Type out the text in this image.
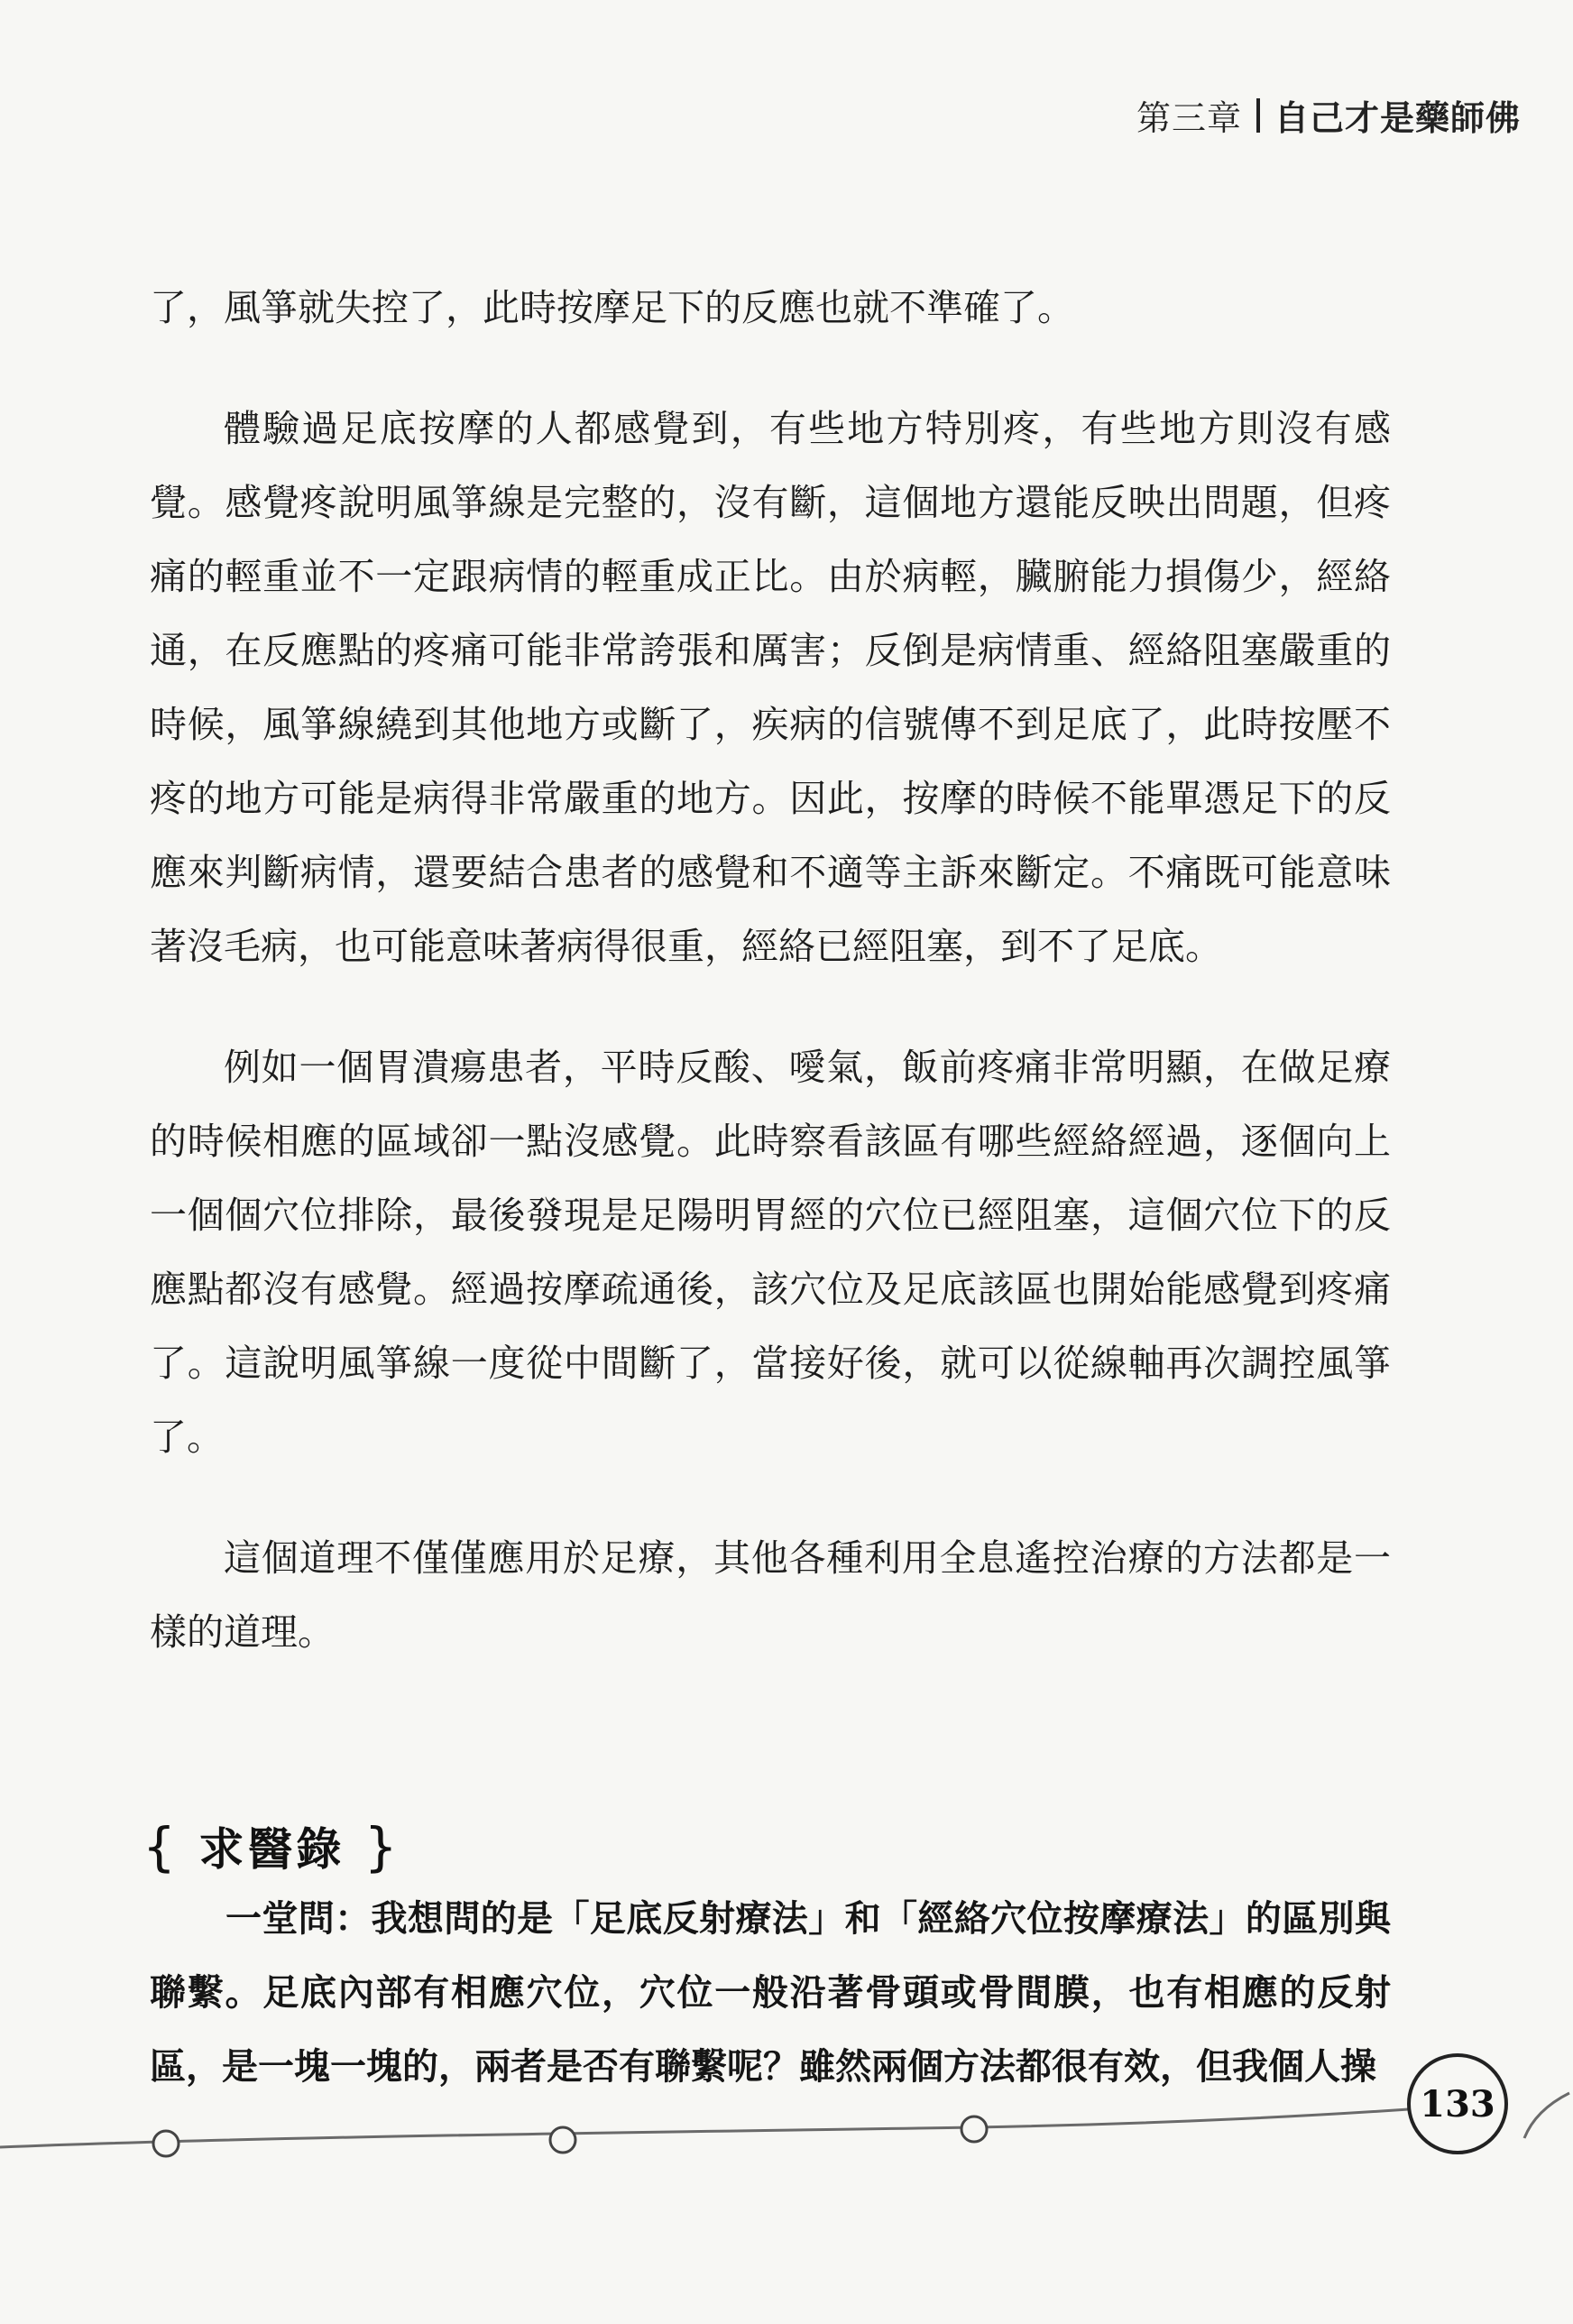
第三章 自己才是藥師佛

了，風箏就失控了，此時按摩足下的反應也就不準確了。

體驗過足底按摩的人都感覺到，有些地方特別疼，有些地方則沒有感覺。感覺疼說明風箏線是完整的，沒有斷，這個地方還能反映出問題，但疼痛的輕重並不一定跟病情的輕重成正比。由於病輕，臟腑能力損傷少，經絡通，在反應點的疼痛可能非常誇張和厲害；反倒是病情重、經絡阻塞嚴重的時候，風箏線繞到其他地方或斷了，疾病的信號傳不到足底了，此時按壓不疼的地方可能是病得非常嚴重的地方。因此，按摩的時候不能單憑足下的反應來判斷病情，還要結合患者的感覺和不適等主訴來斷定。不痛既可能意味著沒毛病，也可能意味著病得很重，經絡已經阻塞，到不了足底。

例如一個胃潰瘍患者，平時反酸、噯氣，飯前疼痛非常明顯，在做足療的時候相應的區域卻一點沒感覺。此時察看該區有哪些經絡經過，逐個向上一個個穴位排除，最後發現是足陽明胃經的穴位已經阻塞，這個穴位下的反應點都沒有感覺。經過按摩疏通後，該穴位及足底該區也開始能感覺到疼痛了。這說明風箏線一度從中間斷了，當接好後，就可以從線軸再次調控風箏了。

這個道理不僅僅應用於足療，其他各種利用全息遙控治療的方法都是一樣的道理。

{ 求醫錄 }
一堂問：我想問的是「足底反射療法」和「經絡穴位按摩療法」的區別與聯繫。足底內部有相應穴位，穴位一般沿著骨頭或骨間膜，也有相應的反射區，是一塊一塊的，兩者是否有聯繫呢？雖然兩個方法都很有效，但我個人操
133
